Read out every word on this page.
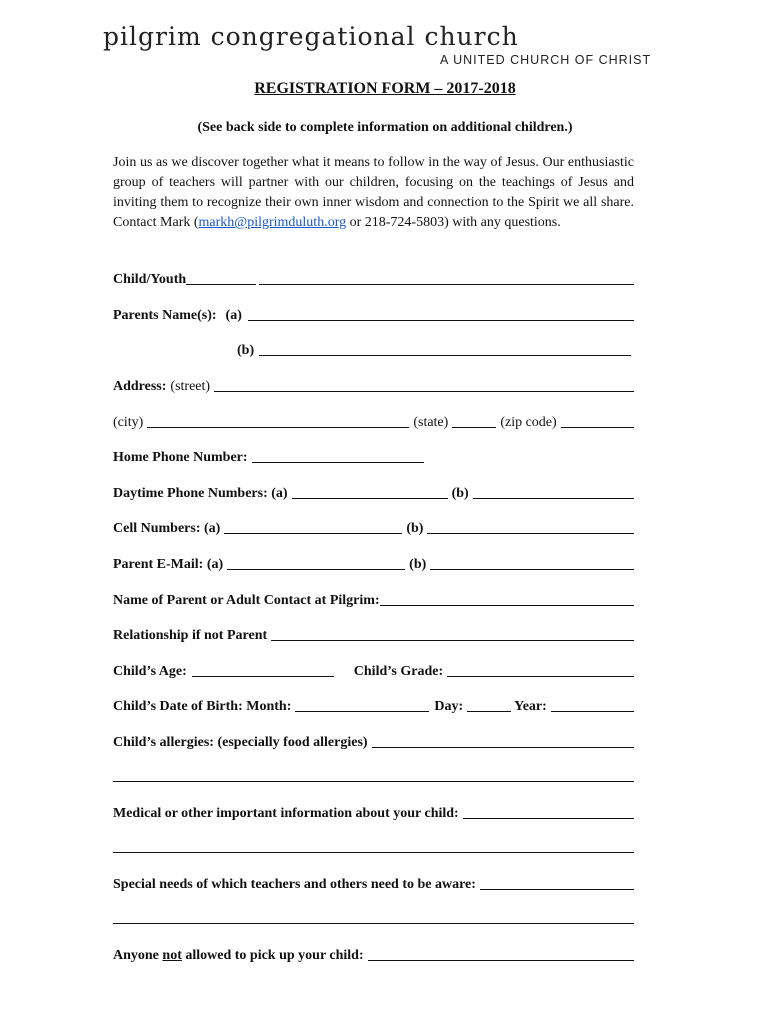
pilgrim congregational church
A UNITED CHURCH OF CHRIST
REGISTRATION FORM – 2017-2018
(See back side to complete information on additional children.)
Join us as we discover together what it means to follow in the way of Jesus. Our enthusiastic group of teachers will partner with our children, focusing on the teachings of Jesus and inviting them to recognize their own inner wisdom and connection to the Spirit we all share. Contact Mark (markh@pilgrimduluth.org or 218-724-5803) with any questions.
Child/Youth
Parents Name(s): (a)
(b)
Address: (street)
(city)	(state)	(zip code)
Home Phone Number:
Daytime Phone Numbers: (a)	(b)
Cell Numbers: (a)	(b)
Parent E-Mail: (a)	(b)
Name of Parent or Adult Contact at Pilgrim:
Relationship if not Parent
Child’s Age:	Child’s Grade:
Child’s Date of Birth: Month:	Day:	Year:
Child’s allergies: (especially food allergies)
Medical or other important information about your child:
Special needs of which teachers and others need to be aware:
Anyone not allowed to pick up your child:
